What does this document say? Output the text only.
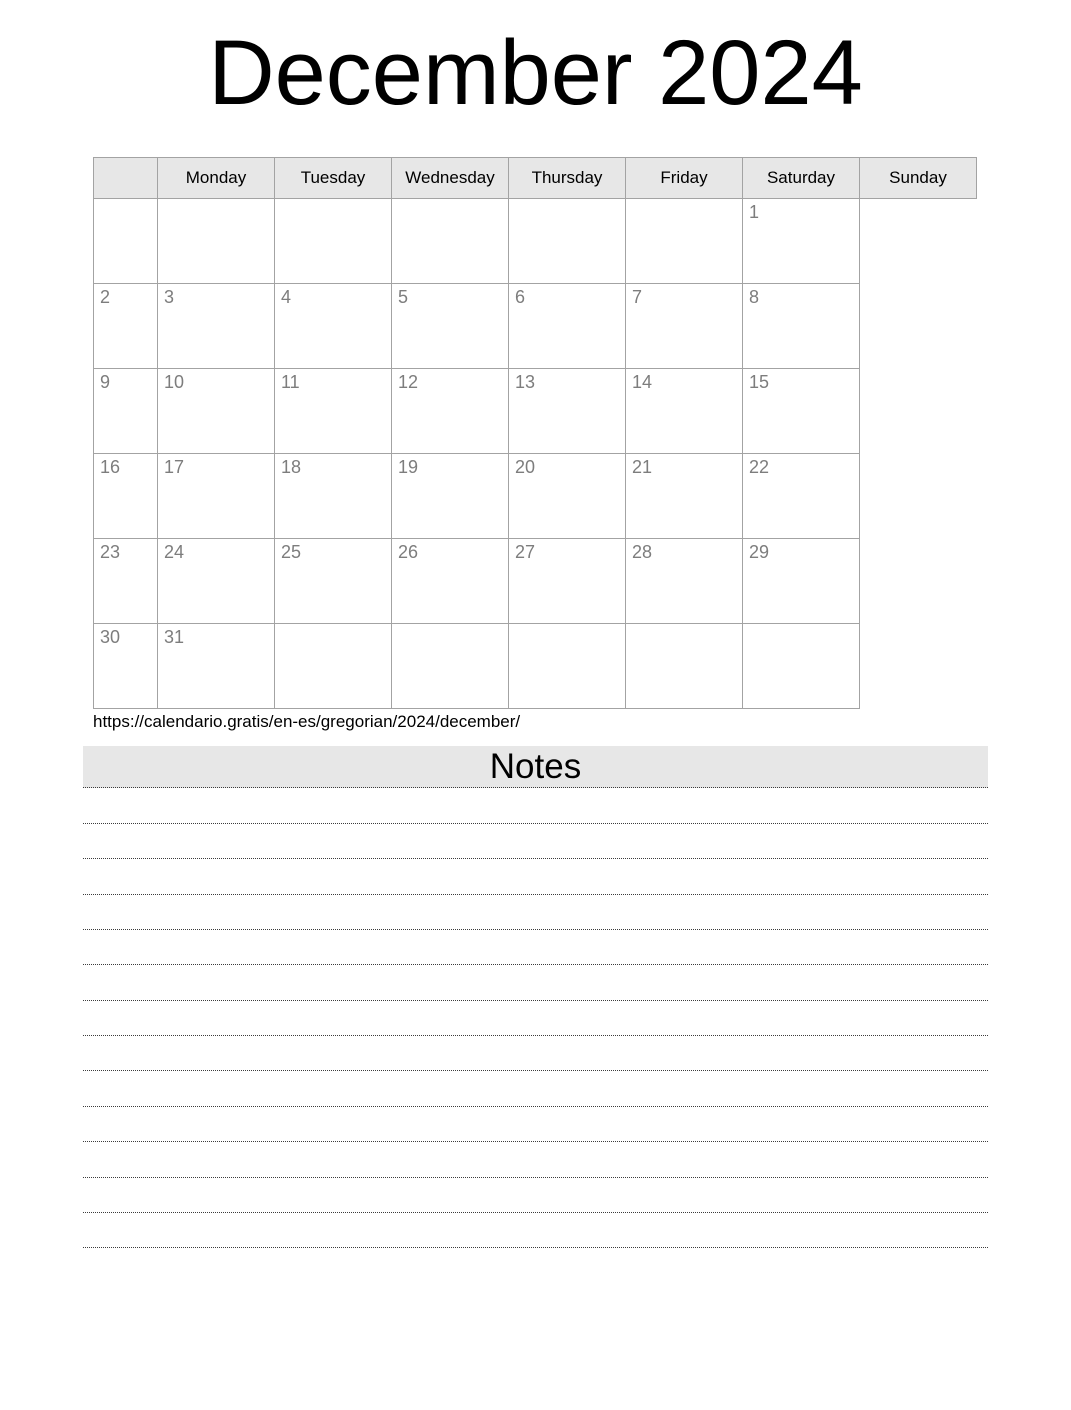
December 2024
	Monday	Tuesday	Wednesday	Thursday	Friday	Saturday	Sunday
						1	
2	3	4	5	6	7	8	
9	10	11	12	13	14	15	
16	17	18	19	20	21	22	
23	24	25	26	27	28	29	
30	31						
https://calendario.gratis/en-es/gregorian/2024/december/
Notes
